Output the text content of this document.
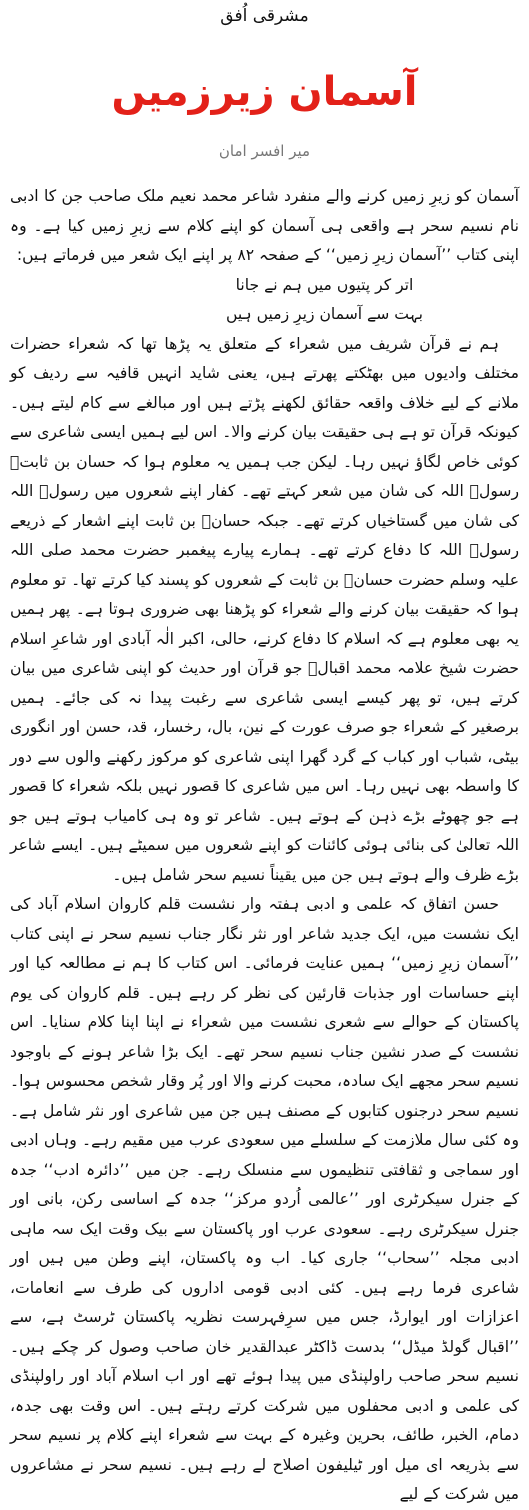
مشرقی اُفق
آسمان زیرزمیں
میر افسر امان

آسمان کو زیرِ زمیں کرنے والے منفرد شاعر محمد نعیم ملک صاحب جن کا ادبی نام نسیم سحر ہے واقعی ہی آسمان کو اپنے کلام سے زیرِ زمیں کیا ہے۔ وہ اپنی کتاب ’’آسمان زیرِ زمیں‘‘ کے صفحہ ۸۲ پر اپنے ایک شعر میں فرماتے ہیں:

اتر کر پتیوں میں ہم نے جانا
بہت سے آسمان زیرِ زمیں ہیں

ہم نے قرآن شریف میں شعراء کے متعلق یہ پڑھا تھا کہ شعراء حضرات مختلف وادیوں میں بھٹکتے پھرتے ہیں، یعنی شاید انہیں قافیہ سے ردیف کو ملانے کے لیے خلاف واقعہ حقائق لکھنے پڑتے ہیں اور مبالغے سے کام لیتے ہیں۔ کیونکہ قرآن تو ہے ہی حقیقت بیان کرنے والا۔ اس لیے ہمیں ایسی شاعری سے کوئی خاص لگاؤ نہیں رہا۔ لیکن جب ہمیں یہ معلوم ہوا کہ حسان بن ثابتؓ رسولؐ اللہ کی شان میں شعر کہتے تھے۔ کفار اپنے شعروں میں رسولؐ اللہ کی شان میں گستاخیاں کرتے تھے۔ جبکہ حسانؓ بن ثابت اپنے اشعار کے ذریعے رسولؐ اللہ کا دفاع کرتے تھے۔ ہمارے پیارے پیغمبر حضرت محمد صلی اللہ علیہ وسلم حضرت حسانؓ بن ثابت کے شعروں کو پسند کیا کرتے تھا۔ تو معلوم ہوا کہ حقیقت بیان کرنے والے شعراء کو پڑھنا بھی ضروری ہوتا ہے۔ پھر ہمیں یہ بھی معلوم ہے کہ اسلام کا دفاع کرنے، حالی، اکبر الٰہ آبادی اور شاعرِ اسلام حضرت شیخ علامہ محمد اقبالؒ جو قرآن اور حدیث کو اپنی شاعری میں بیان کرتے ہیں، تو پھر کیسے ایسی شاعری سے رغبت پیدا نہ کی جائے۔ ہمیں برصغیر کے شعراء جو صرف عورت کے نین، بال، رخسار، قد، حسن اور انگوری بیٹی، شباب اور کباب کے گرد گھرا اپنی شاعری کو مرکوز رکھنے والوں سے دور کا واسطہ بھی نہیں رہا۔ اس میں شاعری کا قصور نہیں بلکہ شعراء کا قصور ہے جو چھوٹے بڑے ذہن کے ہوتے ہیں۔ شاعر تو وہ ہی کامیاب ہوتے ہیں جو اللہ تعالیٰ کی بنائی ہوئی کائنات کو اپنے شعروں میں سمیٹے ہیں۔ ایسے شاعر بڑے ظرف والے ہوتے ہیں جن میں یقیناً نسیم سحر شامل ہیں۔

حسن اتفاق کہ علمی و ادبی ہفتہ وار نشست قلم کاروان اسلام آباد کی ایک نشست میں، ایک جدید شاعر اور نثر نگار جناب نسیم سحر نے اپنی کتاب ’’آسمان زیرِ زمیں‘‘ ہمیں عنایت فرمائی۔ اس کتاب کا ہم نے مطالعہ کیا اور اپنے حساسات اور جذبات قارئین کی نظر کر رہے ہیں۔ قلم کاروان کی یوم پاکستان کے حوالے سے شعری نشست میں شعراء نے اپنا اپنا کلام سنایا۔ اس نشست کے صدر نشین جناب نسیم سحر تھے۔ ایک بڑا شاعر ہونے کے باوجود نسیم سحر مجھے ایک سادہ، محبت کرنے والا اور پُر وقار شخص محسوس ہوا۔ نسیم سحر درجنوں کتابوں کے مصنف ہیں جن میں شاعری اور نثر شامل ہے۔ وہ کئی سال ملازمت کے سلسلے میں سعودی عرب میں مقیم رہے۔ وہاں ادبی اور سماجی و ثقافتی تنظیموں سے منسلک رہے۔ جن میں ’’دائرہ ادب‘‘ جدہ کے جنرل سیکرٹری اور ’’عالمی اُردو مرکز‘‘ جدہ کے اساسی رکن، بانی اور جنرل سیکرٹری رہے۔ سعودی عرب اور پاکستان سے بیک وقت ایک سہ ماہی ادبی مجلہ ’’سحاب‘‘ جاری کیا۔ اب وہ پاکستان، اپنے وطن میں ہیں اور شاعری فرما رہے ہیں۔ کئی ادبی قومی اداروں کی طرف سے انعامات، اعزازات اور ایوارڈ، جس میں سرِفہرست نظریہ پاکستان ٹرسٹ ہے، سے ’’اقبال گولڈ میڈل‘‘ بدست ڈاکٹر عبدالقدیر خان صاحب وصول کر چکے ہیں۔ نسیم سحر صاحب راولپنڈی میں پیدا ہوئے تھے اور اب اسلام آباد اور راولپنڈی کی علمی و ادبی محفلوں میں شرکت کرتے رہتے ہیں۔ اس وقت بھی جدہ، دمام، الخبر، طائف، بحرین وغیرہ کے بہت سے شعراء اپنے کلام پر نسیم سحر سے بذریعہ ای میل اور ٹیلیفون اصلاح لے رہے ہیں۔ نسیم سحر نے مشاعروں میں شرکت کے لیے
